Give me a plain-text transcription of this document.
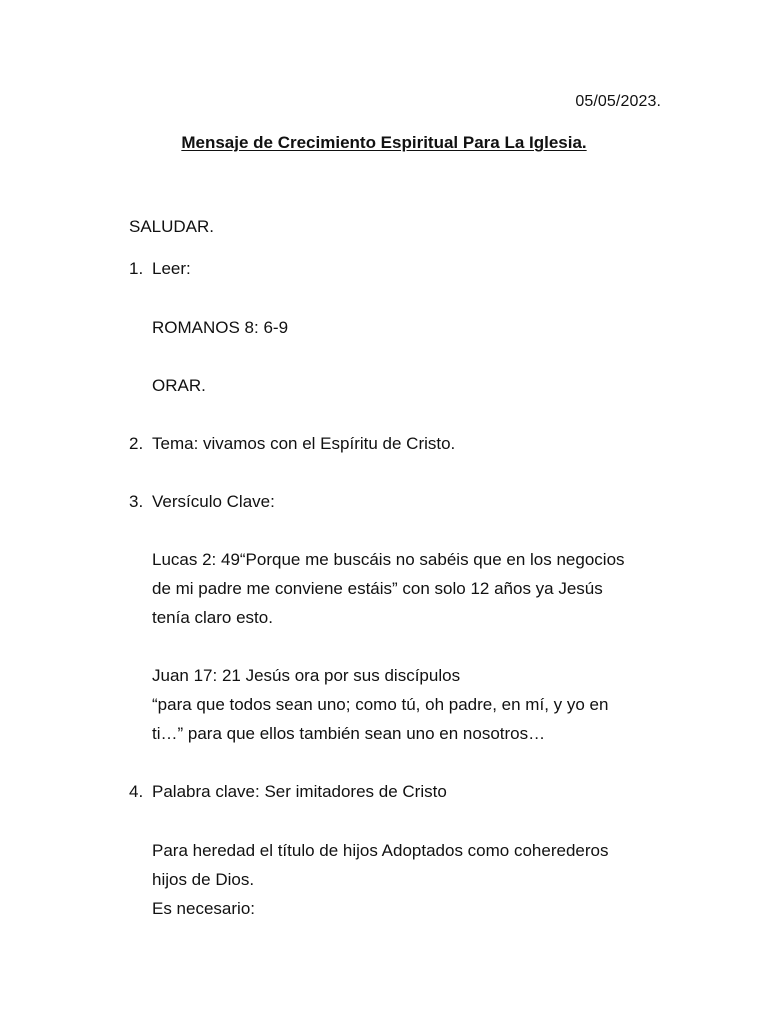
05/05/2023.
Mensaje de Crecimiento Espiritual Para La Iglesia.
SALUDAR.
1. Leer:
ROMANOS 8: 6-9
ORAR.
2. Tema: vivamos con el Espíritu de Cristo.
3. Versículo Clave:
Lucas 2: 49“Porque me buscáis no sabéis que en los negocios
de mi padre me conviene estáis” con solo 12 años ya Jesús
tenía claro esto.
Juan 17: 21 Jesús ora por sus discípulos
“para que todos sean uno; como tú, oh padre, en mí, y yo en
ti…” para que ellos también sean uno en nosotros…
4. Palabra clave: Ser imitadores de Cristo
Para heredad el título de hijos Adoptados como coherederos
hijos de Dios.
Es necesario:
